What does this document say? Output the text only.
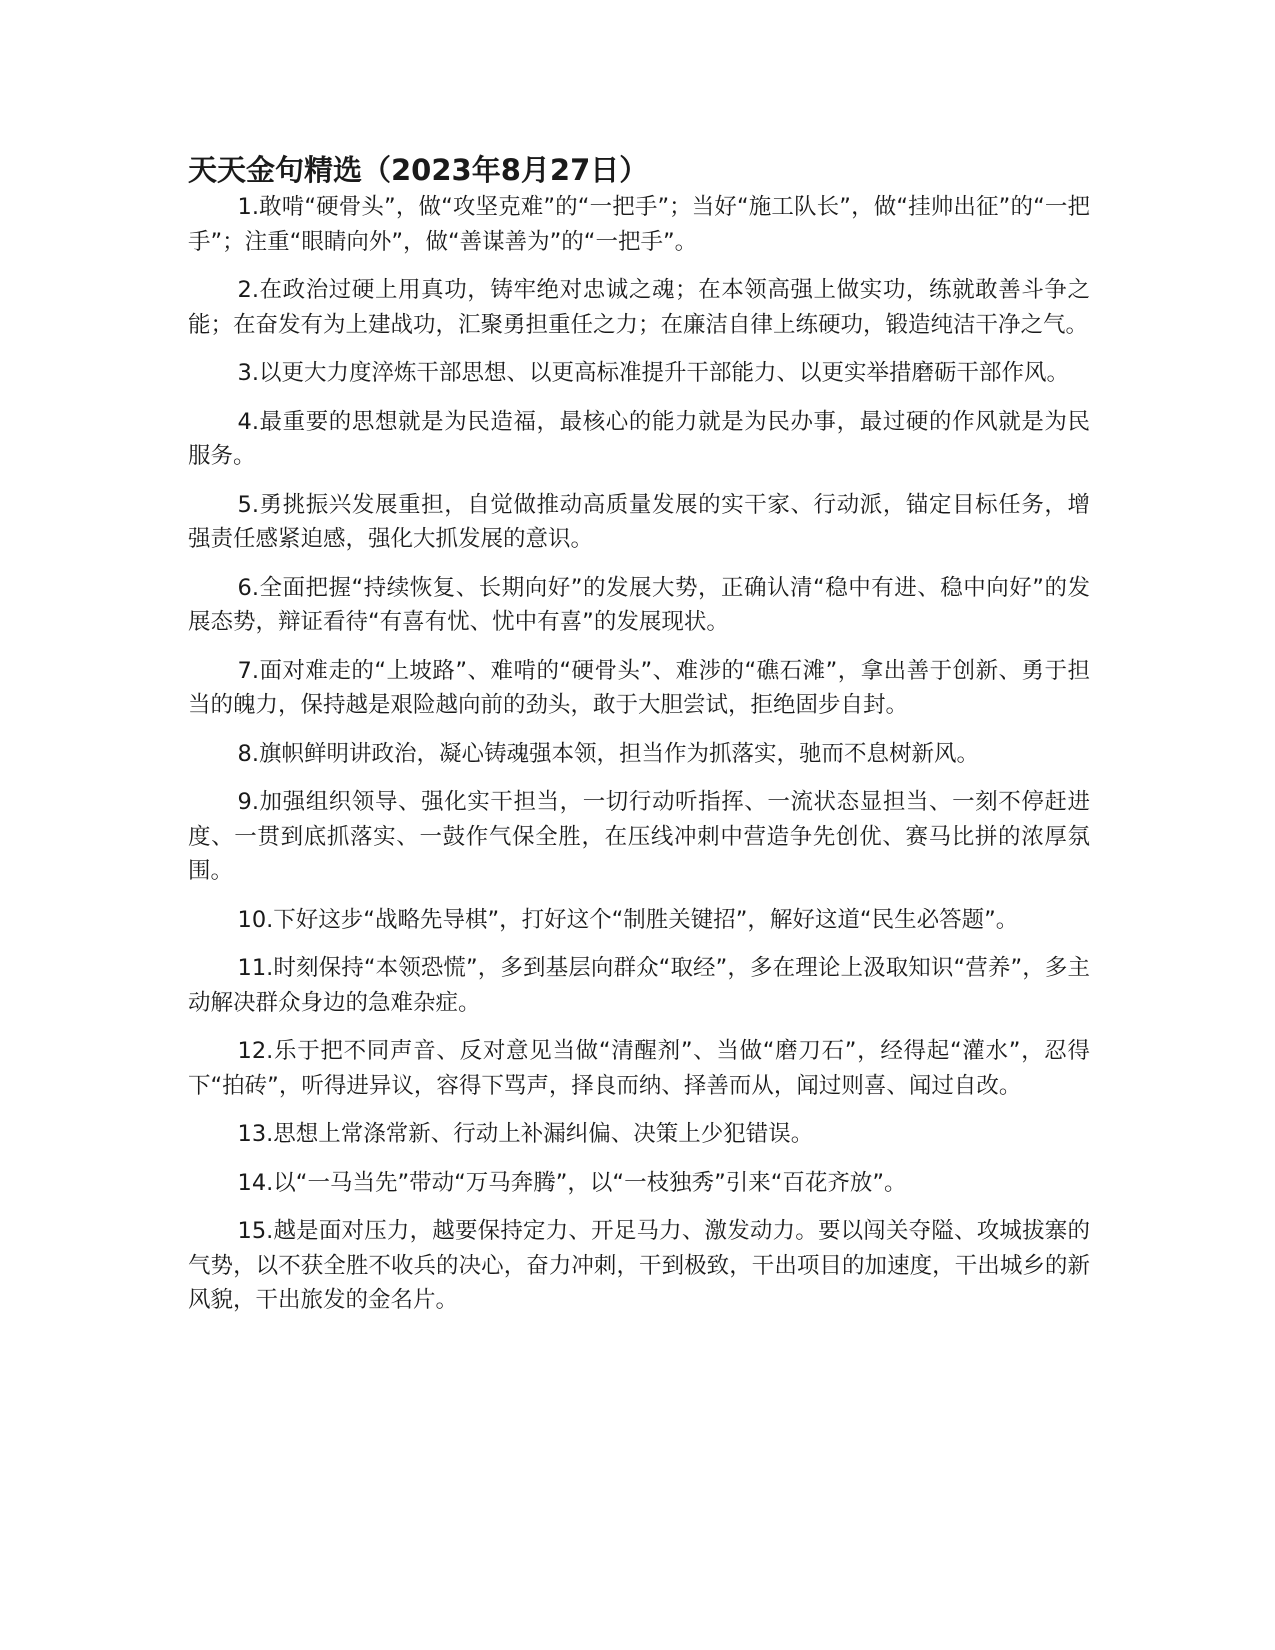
天天金句精选（2023年8月27日）

1.敢啃“硬骨头”，做“攻坚克难”的“一把手”；当好“施工队长”，做“挂帅出征”的“一把手”；注重“眼睛向外”，做“善谋善为”的“一把手”。

2.在政治过硬上用真功，铸牢绝对忠诚之魂；在本领高强上做实功，练就敢善斗争之能；在奋发有为上建战功，汇聚勇担重任之力；在廉洁自律上练硬功，锻造纯洁干净之气。

3.以更大力度淬炼干部思想、以更高标准提升干部能力、以更实举措磨砺干部作风。

4.最重要的思想就是为民造福，最核心的能力就是为民办事，最过硬的作风就是为民服务。

5.勇挑振兴发展重担，自觉做推动高质量发展的实干家、行动派，锚定目标任务，增强责任感紧迫感，强化大抓发展的意识。

6.全面把握“持续恢复、长期向好”的发展大势，正确认清“稳中有进、稳中向好”的发展态势，辩证看待“有喜有忧、忧中有喜”的发展现状。

7.面对难走的“上坡路”、难啃的“硬骨头”、难涉的“礁石滩”，拿出善于创新、勇于担当的魄力，保持越是艰险越向前的劲头，敢于大胆尝试，拒绝固步自封。

8.旗帜鲜明讲政治，凝心铸魂强本领，担当作为抓落实，驰而不息树新风。

9.加强组织领导、强化实干担当，一切行动听指挥、一流状态显担当、一刻不停赶进度、一贯到底抓落实、一鼓作气保全胜，在压线冲刺中营造争先创优、赛马比拼的浓厚氛围。

10.下好这步“战略先导棋”，打好这个“制胜关键招”，解好这道“民生必答题”。

11.时刻保持“本领恐慌”，多到基层向群众“取经”，多在理论上汲取知识“营养”，多主动解决群众身边的急难杂症。

12.乐于把不同声音、反对意见当做“清醒剂”、当做“磨刀石”，经得起“灌水”，忍得下“拍砖”，听得进异议，容得下骂声，择良而纳、择善而从，闻过则喜、闻过自改。

13.思想上常涤常新、行动上补漏纠偏、决策上少犯错误。

14.以“一马当先”带动“万马奔腾”，以“一枝独秀”引来“百花齐放”。

15.越是面对压力，越要保持定力、开足马力、激发动力。要以闯关夺隘、攻城拔寨的气势，以不获全胜不收兵的决心，奋力冲刺，干到极致，干出项目的加速度，干出城乡的新风貌，干出旅发的金名片。
